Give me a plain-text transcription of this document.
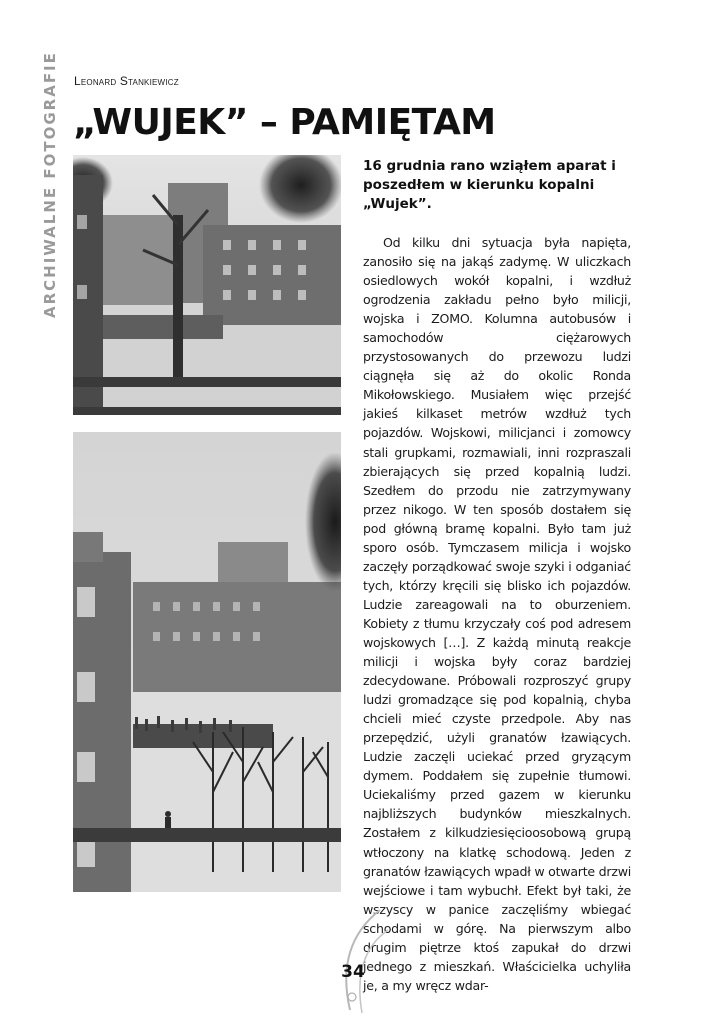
ARCHIWALNE FOTOGRAFIE Leonard Stankiewicz
„WUJEK” – PAMIĘTAM

16 grudnia rano wziąłem aparat i poszedłem w kierunku kopalni „Wujek”.

Od kilku dni sytuacja była napięta, zanosiło się na jakąś zadymę. W uliczkach osiedlowych wokół kopalni, i wzdłuż ogrodzenia zakładu pełno było milicji, wojska i ZOMO. Kolumna autobusów i samochodów ciężarowych przystosowanych do przewozu ludzi ciągnęła się aż do okolic Ronda Mikołowskiego. Musiałem więc przejść jakieś kilkaset metrów wzdłuż tych pojazdów. Wojskowi, milicjanci i zomowcy stali grupkami, rozmawiali, inni rozpraszali zbierających się przed kopalnią ludzi. Szedłem do przodu nie zatrzymywany przez nikogo. W ten sposób dostałem się pod główną bramę kopalni. Było tam już sporo osób. Tymczasem milicja i wojsko zaczęły porządkować swoje szyki i odganiać tych, którzy kręcili się blisko ich pojazdów. Ludzie zareagowali na to oburzeniem. Kobiety z tłumu krzyczały coś pod adresem wojskowych […]. Z każdą minutą reakcje milicji i wojska były coraz bardziej zdecydowane. Próbowali rozproszyć grupy ludzi gromadzące się pod kopalnią, chyba chcieli mieć czyste przedpole. Aby nas przepędzić, użyli granatów łzawiących. Ludzie zaczęli uciekać przed gryzącym dymem. Poddałem się zupełnie tłumowi. Uciekaliśmy przed gazem w kierunku najbliższych budynków mieszkalnych. Zostałem z kilkudziesięcioosobową grupą wtłoczony na klatkę schodową. Jeden z granatów łzawiących wpadł w otwarte drzwi wejściowe i tam wybuchł. Efekt był taki, że wszyscy w panice zaczęliśmy wbiegać schodami w górę. Na pierwszym albo drugim piętrze ktoś zapukał do drzwi jednego z mieszkań. Właścicielka uchyliła je, a my wręcz wdar-

34
